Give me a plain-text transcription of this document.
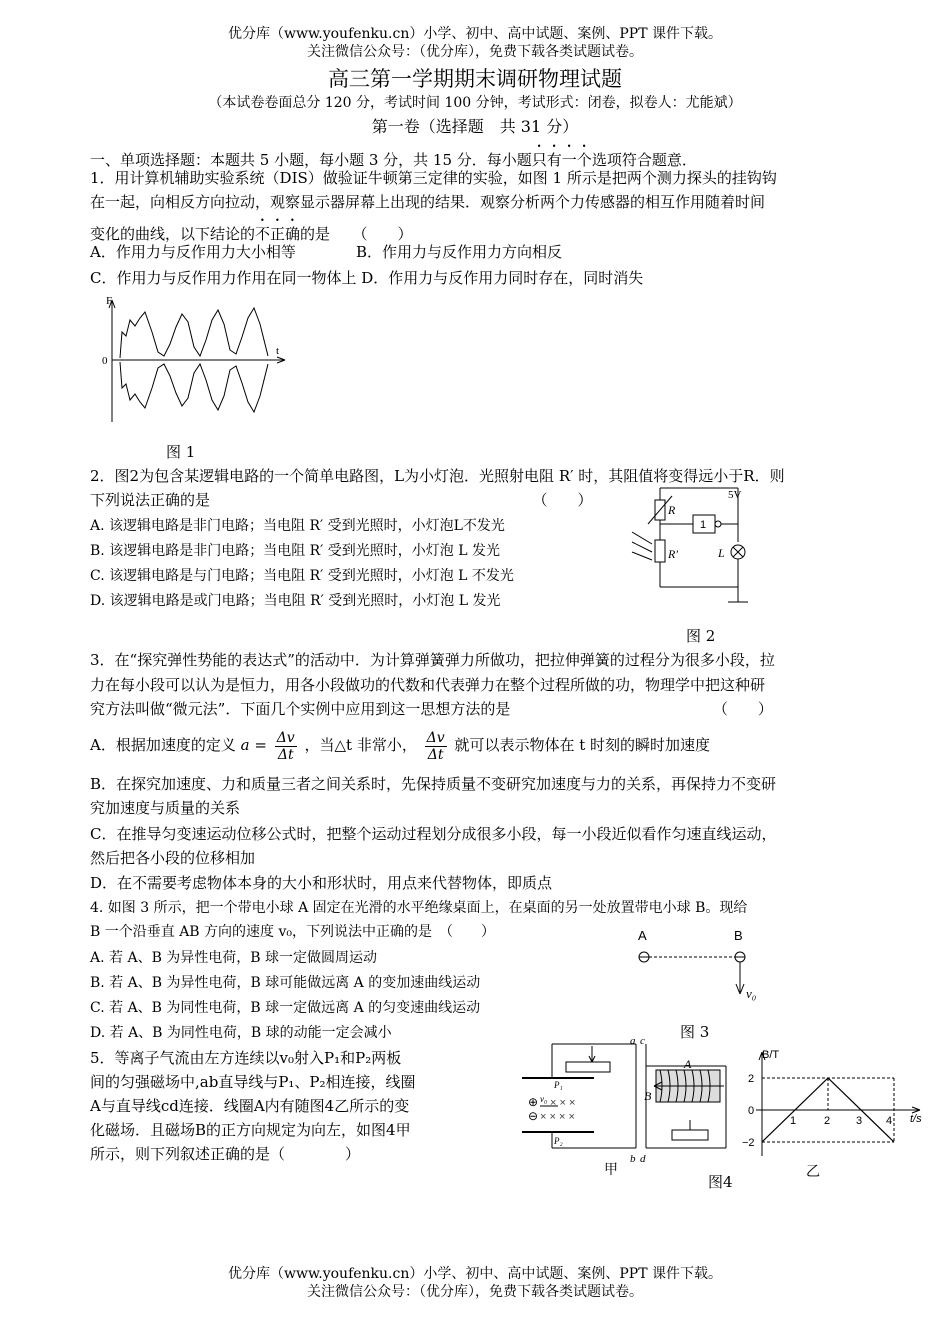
优分库（www.youfenku.cn）小学、初中、高中试题、案例、PPT 课件下载。
关注微信公众号：（优分库），免费下载各类试题试卷。
高三第一学期期末调研物理试题
（本试卷卷面总分 120 分，考试时间 100 分钟，考试形式：闭卷，拟卷人：尤能斌）
第一卷（选择题　共 31 分）
一、单项选择题：本题共 5 小题，每小题 3 分，共 15 分．每小题只有一个选项符合题意．
1．用计算机辅助实验系统（DIS）做验证牛顿第三定律的实验，如图 1 所示是把两个测力探头的挂钩钩
在一起，向相反方向拉动，观察显示器屏幕上出现的结果．观察分析两个力传感器的相互作用随着时间
变化的曲线，以下结论的不正确的是　　（　　）
A．作用力与反作用力大小相等	B．作用力与反作用力方向相反
C．作用力与反作用力作用在同一物体上 D．作用力与反作用力同时存在，同时消失
F
t
0
图 1
2．图2为包含某逻辑电路的一个简单电路图，L为小灯泡．光照射电阻 R′ 时，其阻值将变得远小于R．则
下列说法正确的是　　　　　　　　　　　　　　　　　　　　　　（　　）
A. 该逻辑电路是非门电路；当电阻 R′ 受到光照时，小灯泡L不发光
B. 该逻辑电路是非门电路；当电阻 R′ 受到光照时，小灯泡 L 发光
C. 该逻辑电路是与门电路；当电阻 R′ 受到光照时，小灯泡 L 不发光
D. 该逻辑电路是或门电路；当电阻 R′ 受到光照时，小灯泡 L 发光
5V
R
1
L
R′
图 2
3．在“探究弹性势能的表达式”的活动中．为计算弹簧弹力所做功，把拉伸弹簧的过程分为很多小段，拉
力在每小段可以认为是恒力，用各小段做功的代数和代表弹力在整个过程所做的功，物理学中把这种研
究方法叫做“微元法”．下面几个实例中应用到这一思想方法的是　　　　　　　　　　　　　　（　　）
A．根据加速度的定义 $a = \frac{\Delta v}{\Delta t}$ ，当△t 非常小， $\frac{\Delta v}{\Delta t}$ 就可以表示物体在 t 时刻的瞬时加速度
B．在探究加速度、力和质量三者之间关系时，先保持质量不变研究加速度与力的关系，再保持力不变研
究加速度与质量的关系
C．在推导匀变速运动位移公式时，把整个运动过程划分成很多小段，每一小段近似看作匀速直线运动，
然后把各小段的位移相加
D．在不需要考虑物体本身的大小和形状时，用点来代替物体，即质点
4. 如图 3 所示，把一个带电小球 A 固定在光滑的水平绝缘桌面上，在桌面的另一处放置带电小球 B。现给
B 一个沿垂直 AB 方向的速度 v₀，下列说法中正确的是　（　　）
A. 若 A、B 为异性电荷，B 球一定做圆周运动
B. 若 A、B 为异性电荷，B 球可能做远离 A 的变加速曲线运动
C. 若 A、B 为同性电荷，B 球一定做远离 A 的匀变速曲线运动
D. 若 A、B 为同性电荷，B 球的动能一定会减小
A	B
v₀
图 3
5．等离子气流由左方连续以v₀射入P₁和P₂两板
间的匀强磁场中,ab直导线与P₁、P₂相连接，线圈
A与直导线cd连接．线圈A内有随图4乙所示的变
化磁场．且磁场B的正方向规定为向左，如图4甲
所示，则下列叙述正确的是（　　　　）
a
P₁
⊕
⊖
v₀ × × ×
× × × ×
P₂
b
c
d
A
B
甲
B/T
t/s
2
0
−2
1	2 3 4
乙
图4
优分库（www.youfenku.cn）小学、初中、高中试题、案例、PPT 课件下载。
关注微信公众号：（优分库），免费下载各类试题试卷。
